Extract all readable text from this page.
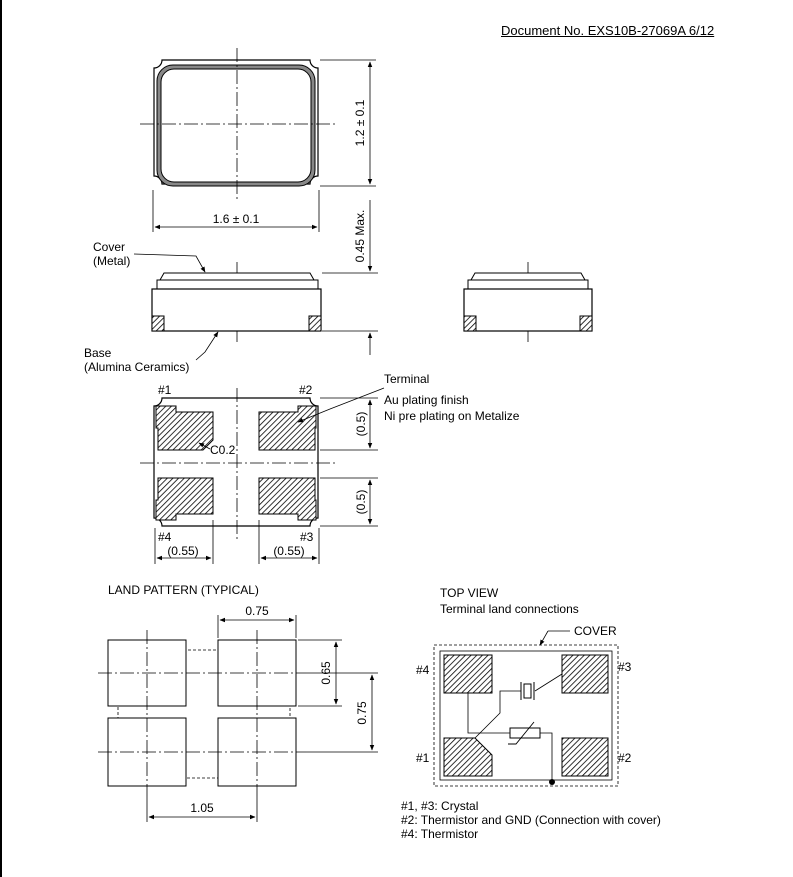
Document No. EXS10B-27069A 6/12
1.6 ± 0.1
1.2 ± 0.1
0.45 Max.
Cover
(Metal)
Base
(Alumina Ceramics)
#1	#2
#3
#4
C0.2
(0.5)
(0.5)
(0.55)	(0.55)
Terminal
Au plating finish
Ni pre plating on Metalize
LAND PATTERN (TYPICAL)
0.75
0.65
0.75
1.05
TOP VIEW
Terminal land connections
COVER
#4	#3
#1	#2
#1, #3: Crystal
#2: Thermistor and GND (Connection with cover)
#4: Thermistor
